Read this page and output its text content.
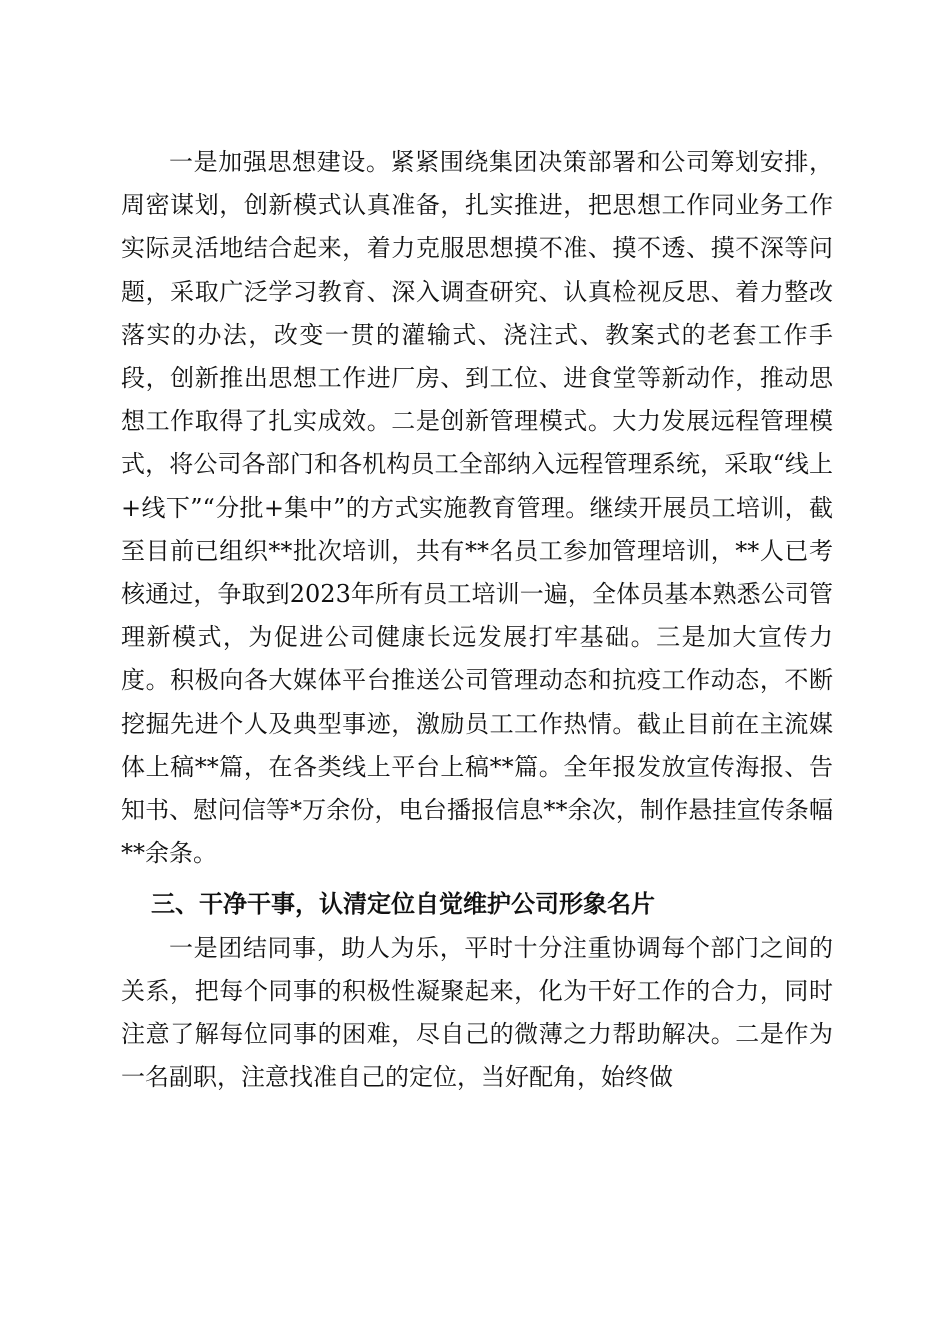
一是加强思想建设。紧紧围绕集团决策部署和公司筹划安排，周密谋划，创新模式认真准备，扎实推进，把思想工作同业务工作实际灵活地结合起来，着力克服思想摸不准、摸不透、摸不深等问题，采取广泛学习教育、深入调查研究、认真检视反思、着力整改落实的办法，改变一贯的灌输式、浇注式、教案式的老套工作手段，创新推出思想工作进厂房、到工位、进食堂等新动作，推动思想工作取得了扎实成效。二是创新管理模式。大力发展远程管理模式，将公司各部门和各机构员工全部纳入远程管理系统，采取“线上+线下”“分批+集中”的方式实施教育管理。继续开展员工培训，截至目前已组织**批次培训，共有**名员工参加管理培训，**人已考核通过，争取到2023年所有员工培训一遍，全体员基本熟悉公司管理新模式，为促进公司健康长远发展打牢基础。三是加大宣传力度。积极向各大媒体平台推送公司管理动态和抗疫工作动态，不断挖掘先进个人及典型事迹，激励员工工作热情。截止目前在主流媒体上稿**篇，在各类线上平台上稿**篇。全年报发放宣传海报、告知书、慰问信等*万余份，电台播报信息**余次，制作悬挂宣传条幅**余条。

三、干净干事，认清定位自觉维护公司形象名片

一是团结同事，助人为乐，平时十分注重协调每个部门之间的关系，把每个同事的积极性凝聚起来，化为干好工作的合力，同时注意了解每位同事的困难，尽自己的微薄之力帮助解决。二是作为一名副职，注意找准自己的定位，当好配角，始终做
